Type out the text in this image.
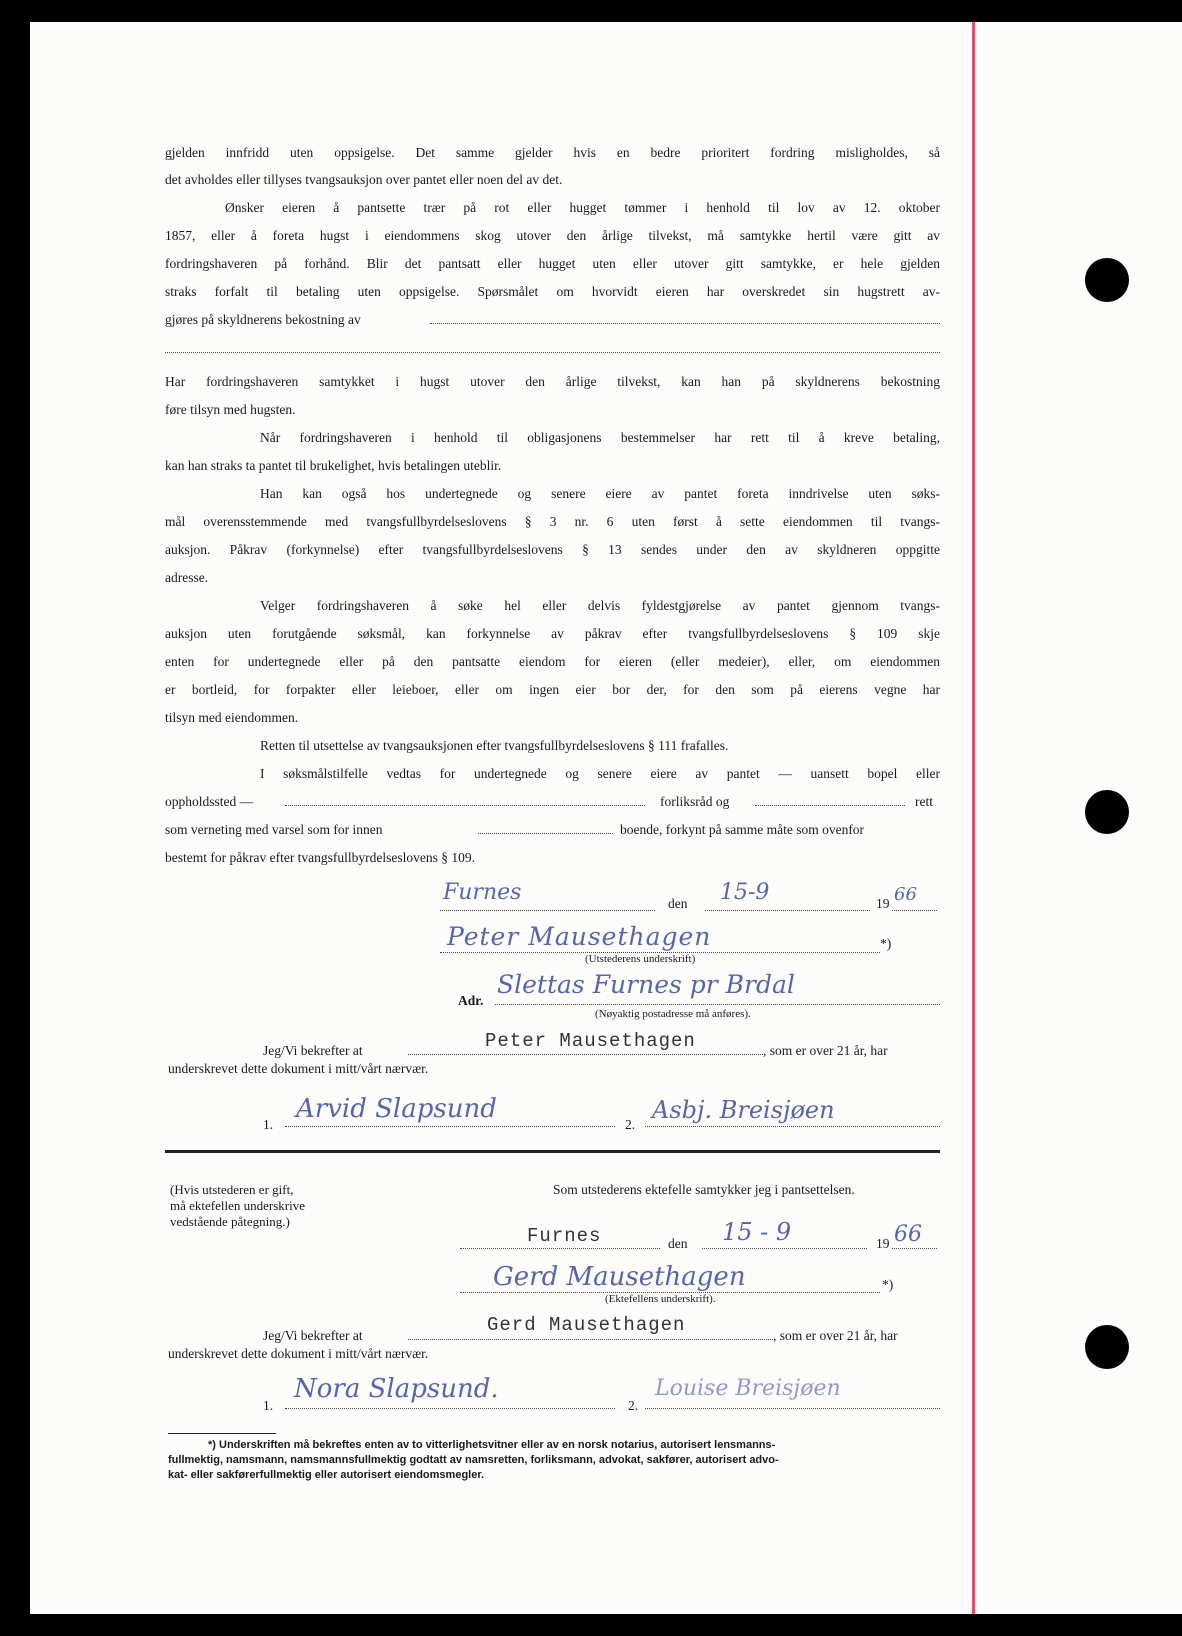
gjelden innfridd uten oppsigelse. Det samme gjelder hvis en bedre prioritert fordring misligholdes, så
det avholdes eller tillyses tvangsauksjon over pantet eller noen del av det.
Ønsker eieren å pantsette trær på rot eller hugget tømmer i henhold til lov av 12. oktober
1857, eller å foreta hugst i eiendommens skog utover den årlige tilvekst, må samtykke hertil være gitt av
fordringshaveren på forhånd. Blir det pantsatt eller hugget uten eller utover gitt samtykke, er hele gjelden
straks forfalt til betaling uten oppsigelse. Spørsmålet om hvorvidt eieren har overskredet sin hugstrett av-
gjøres på skyldnerens bekostning av
Har fordringshaveren samtykket i hugst utover den årlige tilvekst, kan han på skyldnerens bekostning
føre tilsyn med hugsten.
Når fordringshaveren i henhold til obligasjonens bestemmelser har rett til å kreve betaling,
kan han straks ta pantet til brukelighet, hvis betalingen uteblir.
Han kan også hos undertegnede og senere eiere av pantet foreta inndrivelse uten søks-
mål overensstemmende med tvangsfullbyrdelseslovens § 3 nr. 6 uten først å sette eiendommen til tvangs-
auksjon. Påkrav (forkynnelse) efter tvangsfullbyrdelseslovens § 13 sendes under den av skyldneren oppgitte
adresse.
Velger fordringshaveren å søke hel eller delvis fyldestgjørelse av pantet gjennom tvangs-
auksjon uten forutgående søksmål, kan forkynnelse av påkrav efter tvangsfullbyrdelseslovens § 109 skje
enten for undertegnede eller på den pantsatte eiendom for eieren (eller medeier), eller, om eiendommen
er bortleid, for forpakter eller leieboer, eller om ingen eier bor der, for den som på eierens vegne har
tilsyn med eiendommen.
Retten til utsettelse av tvangsauksjonen efter tvangsfullbyrdelseslovens § 111 frafalles.
I søksmålstilfelle vedtas for undertegnede og senere eiere av pantet — uansett bopel eller
oppholdssted —	forliksråd og	rett
som verneting med varsel som for innen	boende, forkynt på samme måte som ovenfor
bestemt for påkrav efter tvangsfullbyrdelseslovens § 109.
Furnes	den 15-9	19 66
Peter Mausethagen	*)
(Utstederens underskrift)
Adr.
Slettas Furnes pr Brdal
(Nøyaktig postadresse må anføres).
Jeg/Vi bekrefter at	Peter Mausethagen	, som er over 21 år, har
underskrevet dette dokument i mitt/vårt nærvær.
1.
Arvid Slapsund
2.
Asbj. Breisjøen
(Hvis utstederen er gift,
må ektefellen underskrive
vedstående påtegning.)
Som utstederens ektefelle samtykker jeg i pantsettelsen.
Furnes	den 15 - 9	19 66
Gerd Mausethagen	*)
(Ektefellens underskrift).
Jeg/Vi bekrefter at	Gerd Mausethagen	, som er over 21 år, har
underskrevet dette dokument i mitt/vårt nærvær.
1.
Nora Slapsund.
2.
Louise Breisjøen
*) Underskriften må bekreftes enten av to vitterlighetsvitner eller av en norsk notarius, autorisert lensmanns-
fullmektig, namsmann, namsmannsfullmektig godtatt av namsretten, forliksmann, advokat, sakfører, autorisert advo-
kat- eller sakførerfullmektig eller autorisert eiendomsmegler.
